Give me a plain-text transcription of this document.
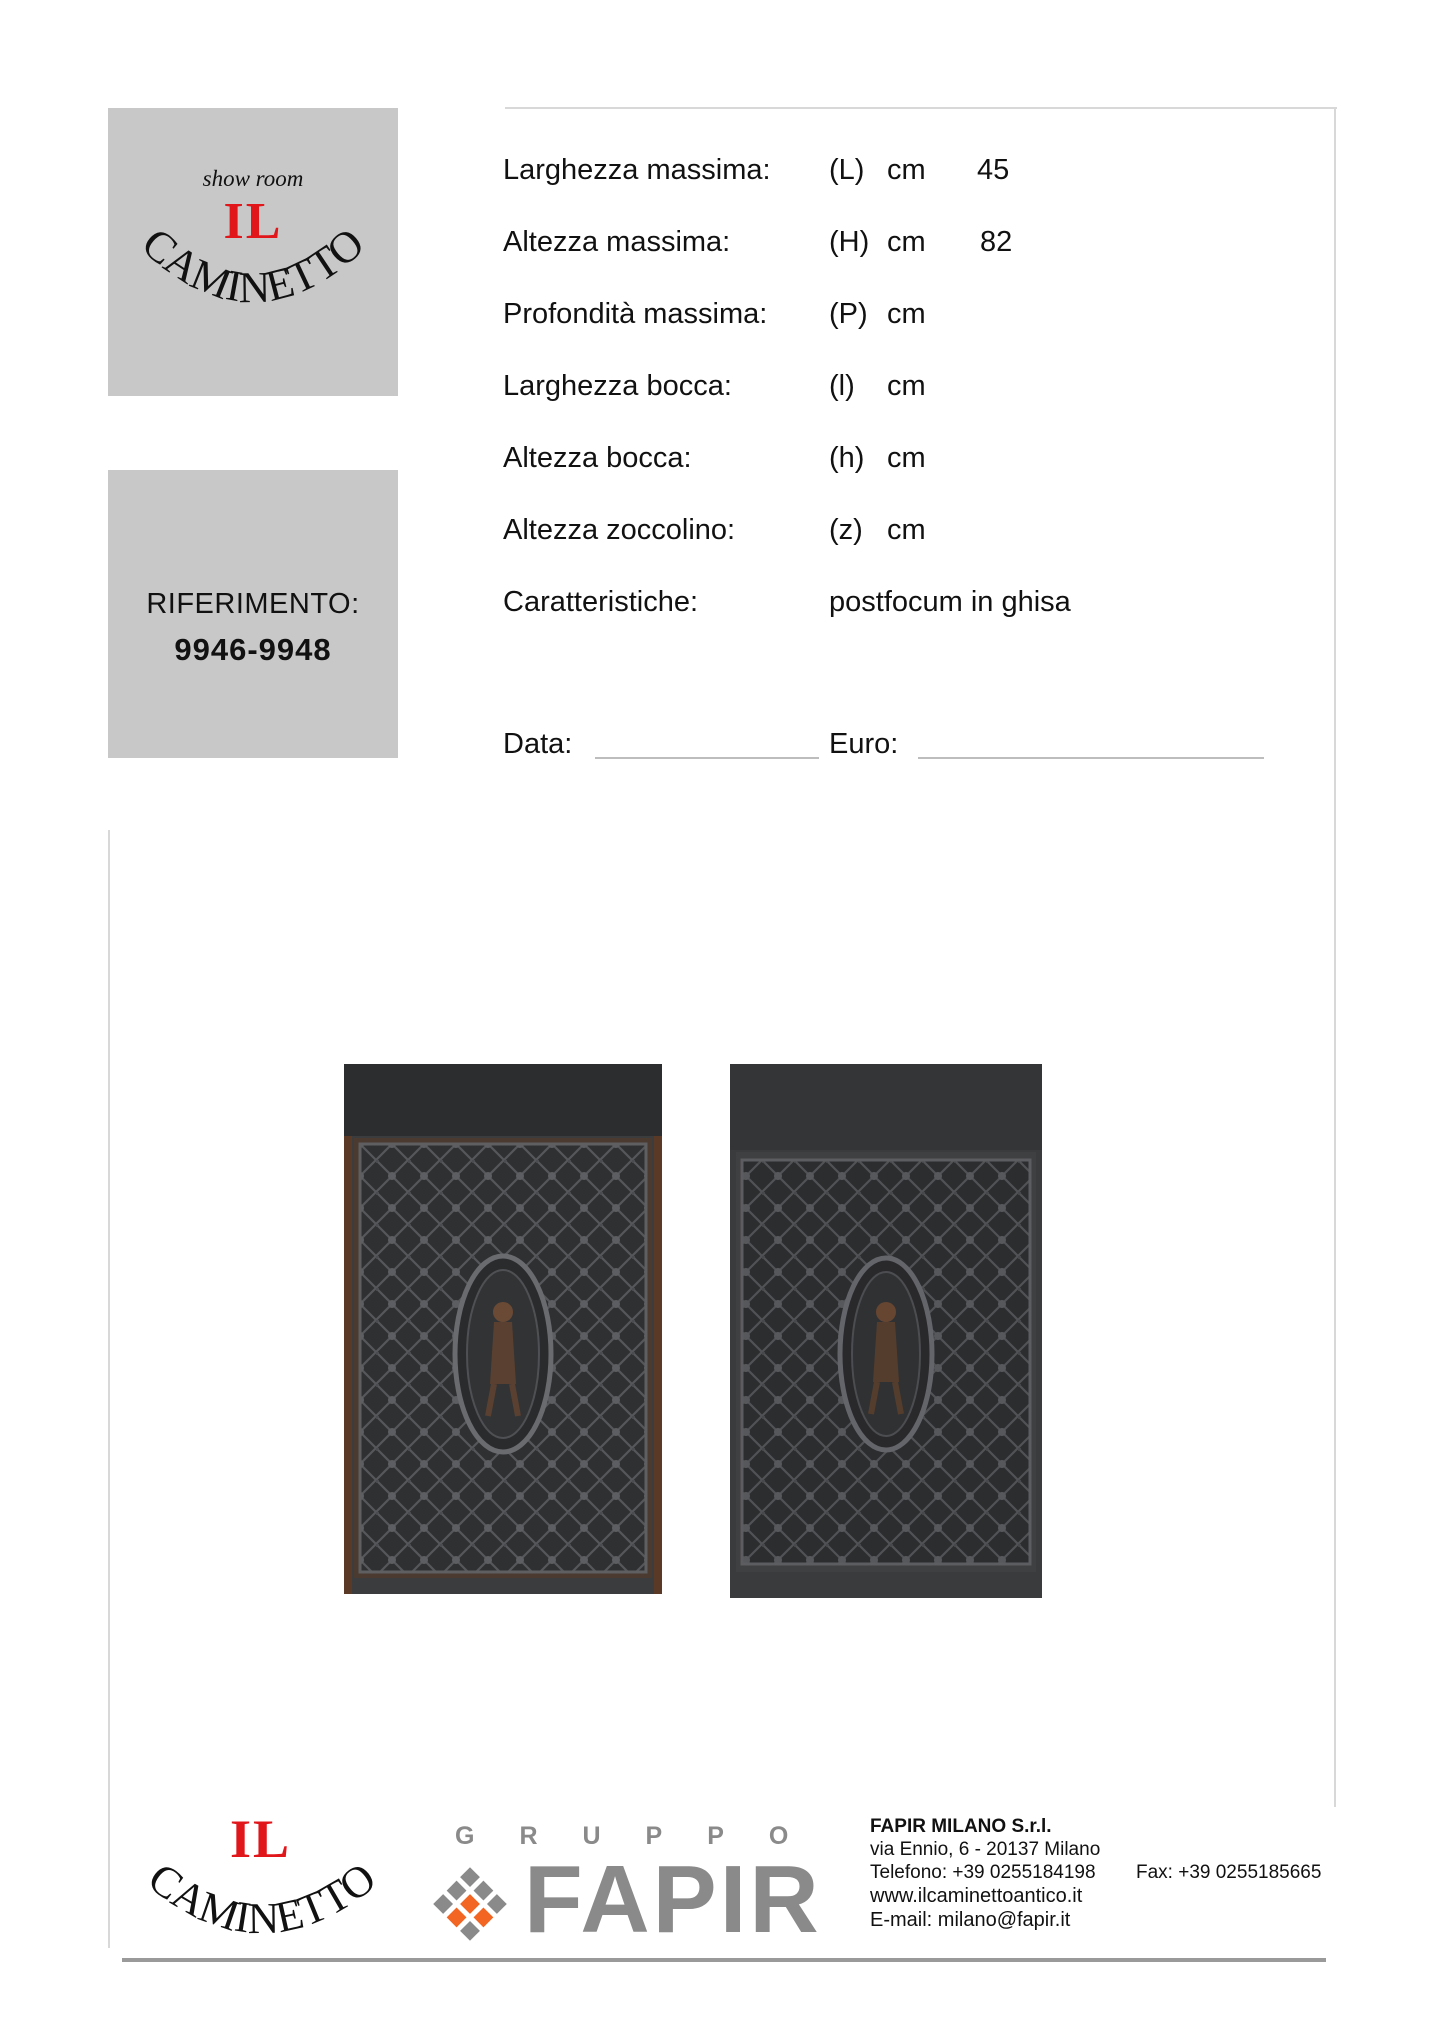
show room
IL
CAMINETTO
RIFERIMENTO:
9946-9948
Larghezza massima: (L) cm 45
Altezza massima:	(H) cm 82
Profondità massima: (P) cm
Larghezza bocca:	(l) cm
Altezza bocca:	(h) cm
Altezza zoccolino:	(z) cm
Caratteristiche:	postfocum in ghisa
Data:	Euro:
IL
CAMINETTO
GRUPPO
FAPIR
FAPIR MILANO S.r.l.
via Ennio, 6 - 20137 Milano
Telefono: +39 0255184198 Fax: +39 0255185665
www.ilcaminettoantico.it
E-mail: milano@fapir.it
